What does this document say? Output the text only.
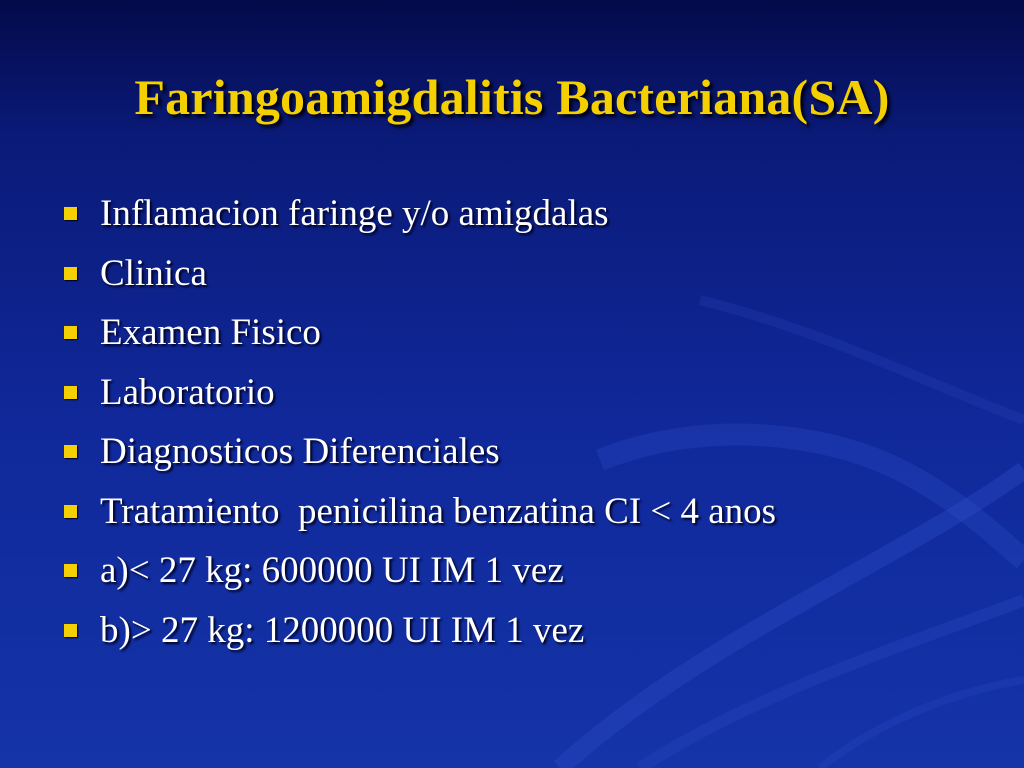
Faringoamigdalitis Bacteriana(SA)
Inflamacion faringe y/o amigdalas
Clinica
Examen Fisico
Laboratorio
Diagnosticos Diferenciales
Tratamiento  penicilina benzatina CI < 4 anos
a)< 27 kg: 600000 UI IM 1 vez
b)> 27 kg: 1200000 UI IM 1 vez
